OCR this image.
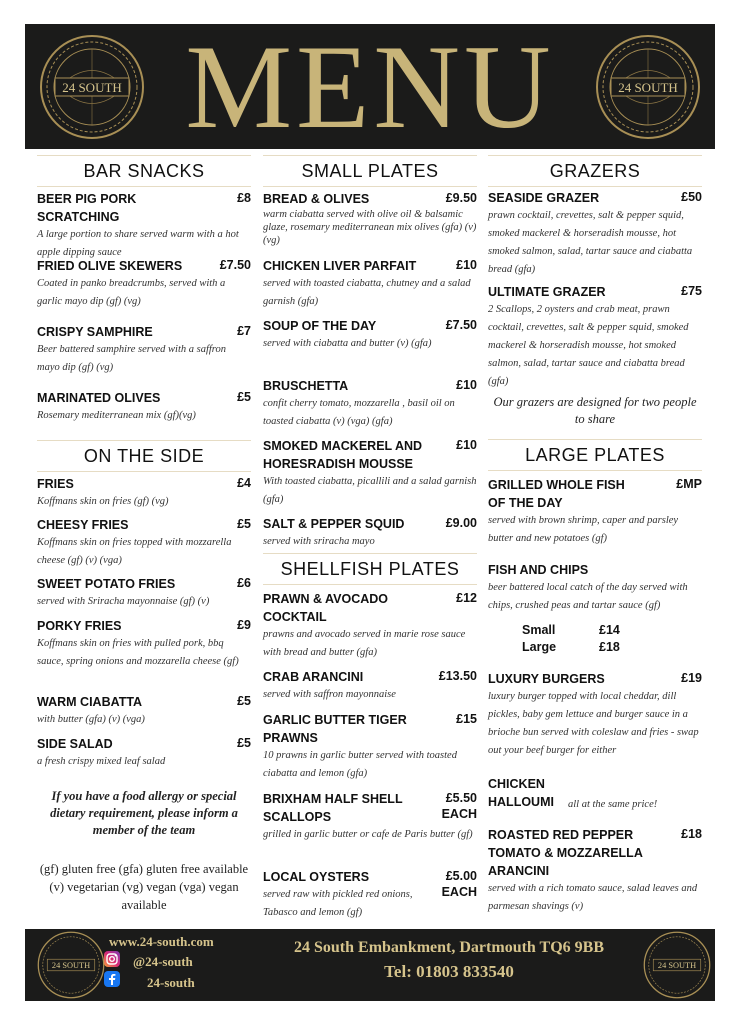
24 SOUTH MENU	24 SOUTH
BAR SNACKS
BEER PIG PORK SCRATCHING
£8
A large portion to share served warm with a hot apple dipping sauce
FRIED OLIVE SKEWERS	£7.50
Coated in panko breadcrumbs, served with a garlic mayo dip (gf) (vg)
CRISPY SAMPHIRE	£7
Beer battered samphire served with a saffron mayo dip (gf) (vg)
MARINATED OLIVES	£5
Rosemary mediterranean mix (gf)(vg)
ON THE SIDE
FRIES	£4
Koffmans skin on fries (gf) (vg)
CHEESY FRIES	£5
Koffmans skin on fries topped with mozzarella cheese (gf) (v) (vga)
SWEET POTATO FRIES	£6
served with Sriracha mayonnaise (gf) (v)
PORKY FRIES	£9
Koffmans skin on fries with pulled pork, bbq sauce, spring onions and mozzarella cheese (gf)
WARM CIABATTA	£5
with butter (gfa) (v) (vga)
SIDE SALAD	£5
a fresh crispy mixed leaf salad
If you have a food allergy or special dietary requirement, please inform a member of the team
(gf) gluten free (gfa) gluten free available (v) vegetarian (vg) vegan (vga) vegan available
SMALL PLATES
BREAD & OLIVES	£9.50
warm ciabatta served with olive oil & balsamic glaze, rosemary mediterranean mix olives (gfa) (v) (vg)
CHICKEN LIVER PARFAIT	£10
served with toasted ciabatta, chutney and a salad garnish (gfa)
SOUP OF THE DAY	£7.50
served with ciabatta and butter (v) (gfa)
BRUSCHETTA	£10
confit cherry tomato, mozzarella , basil oil on toasted ciabatta (v) (vga) (gfa)
SMOKED MACKEREL AND HORESRADISH MOUSSE
£10
With toasted ciabatta, picallili and a salad garnish (gfa)
SALT & PEPPER SQUID	£9.00
served with sriracha mayo
SHELLFISH PLATES
PRAWN & AVOCADO COCKTAIL
£12
prawns and avocado served in marie rose sauce with bread and butter (gfa)
CRAB ARANCINI	£13.50
served with saffron mayonnaise
GARLIC BUTTER TIGER PRAWNS
£15
10 prawns in garlic butter served with toasted ciabatta and lemon (gfa)
BRIXHAM HALF SHELL SCALLOPS
£5.50 EACH
grilled in garlic butter or cafe de Paris butter (gf)
LOCAL OYSTERS	£5.00 EACH
served raw with pickled red onions, Tabasco and lemon (gf)
GRAZERS
SEASIDE GRAZER	£50
prawn cocktail, crevettes, salt & pepper squid, smoked mackerel & horseradish mousse, hot smoked salmon, salad, tartar sauce and ciabatta bread (gfa)
ULTIMATE GRAZER	£75
2 Scallops, 2 oysters and crab meat, prawn cocktail, crevettes, salt & pepper squid, smoked mackerel & horseradish mousse, hot smoked salmon, salad, tartar sauce and ciabatta bread (gfa)
Our grazers are designed for two people to share
LARGE PLATES
GRILLED WHOLE FISH OF THE DAY
£MP
served with brown shrimp, caper and parsley butter and new potatoes (gf)
FISH AND CHIPS
beer battered local catch of the day served with chips, crushed peas and tartar sauce (gf)
Small	£14
Large	£18
LUXURY BURGERS	£19
luxury burger topped with local cheddar, dill pickles, baby gem lettuce and burger sauce in a brioche bun served with coleslaw and fries - swap out your beef burger for either
CHICKEN
HALLOUMI all at the same price!
ROASTED RED PEPPER TOMATO & MOZZARELLA ARANCINI
£18
served with a rich tomato sauce, salad leaves and parmesan shavings (v)
24 SOUTH
www.24-south.com
@24-south
24-south
24 South Embankment, Dartmouth TQ6 9BB
Tel: 01803 833540	24 SOUTH
